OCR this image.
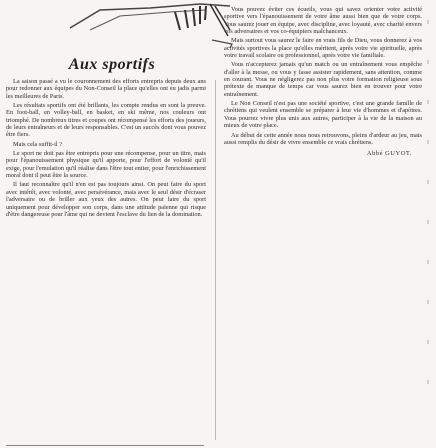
Aux sportifs

La saison passé a vu le couronnement des efforts entrepris depuis deux ans pour redonner aux équipes du Non-Conseil la place qu'elles ont eu jadis parmi les meilleures de Paris.

Les résultats sportifs ont été brillants, les compte rendus en sont la preuve. En foot-ball, en volley-ball, en basket, en ski même, nos couleurs ont triomphé. De nombreux titres et coupes ont récompensé les efforts des joueurs, de leurs entraîneurs et de leurs responsables. C'est un succès dont vous pouvez être fiers.

Mais cela suffit-il ?

Le sport ne doit pas être entrepris pour une récompense, pour un titre, mais pour l'épanouissement physique qu'il apporte, pour l'effort de volonté qu'il exige, pour l'emulation qu'il réalise dans l'être tout entier, pour l'enrichissement moral dont il peut être la source.

Il faut reconnaître qu'il n'en est pas toujours ainsi. On peut faire du sport avec intérêt, avec volonté, avec persévérance, mais avec le seul désir d'écraser l'adversaire ou de briller aux yeux des autres. On peut faire du sport uniquement pour développer son corps, dans une attitude païenne qui risque d'être dangereuse pour l'âme qui ne devient l'esclave du lien de la domination.

Vous pouvez éviter ces écueils, vous qui savez orienter votre activité sportive vers l'épanouissement de votre âme aussi bien que de votre corps. Vous saurez jouer en équipe, avec discipline, avec loyauté, avec charité envers vos adversaires et vos co-équipiers malchanceux.

Mais surtout vous saurez le faire en vrais fils de Dieu, vous donnerez à vos activités sportives la place qu'elles méritent, après votre vie spirituelle, après votre travail scolaire ou professionnel, après votre vie familiale.

Vous n'accepterez jamais qu'un match ou un entraînement vous empêche d'aller à la messe, ou vous y fasse assister rapidement, sans attention, comme en courant. Vous ne négligerez pas non plus votre formation religieuse sous prétexte de manque de temps car vous saurez bien en trouver pour votre entraînement.

Le Non Conseil n'est pas une société sportive, c'est une grande famille de chrétiens qui veulent ensemble se préparer à leur vie d'hommes et d'apôtres. Vous pourrez vivre plus unis aux autres, participer à la vie de la maison au mieux de votre place.

Au début de cette année nous nous retrouvons, pleins d'ardeur au jeu, mais aussi remplis du désir de vivre ensemble ce vrais chrétiens.

Abbé GUYOT.
